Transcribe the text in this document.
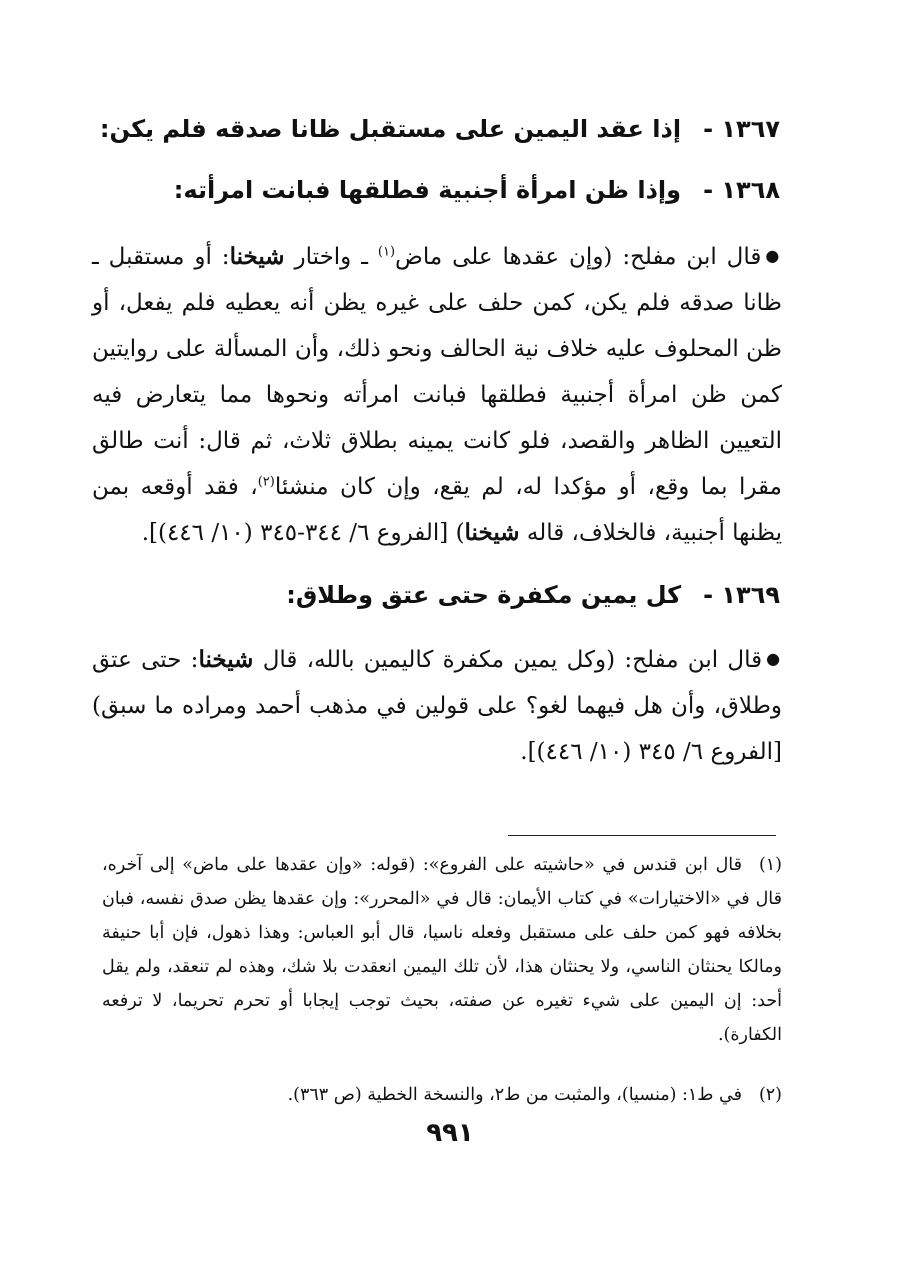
١٣٦٧ -إذا عقد اليمين على مستقبل ظانا صدقه فلم يكن:
١٣٦٨ -وإذا ظن امرأة أجنبية فطلقها فبانت امرأته:
●قال ابن مفلح: (وإن عقدها على ماض$^{(١)}$ ـ واختار شيخنا: أو مستقبل ـ ظانا صدقه فلم يكن، كمن حلف على غيره يظن أنه يعطيه فلم يفعل، أو ظن المحلوف عليه خلاف نية الحالف ونحو ذلك، وأن المسألة على روايتين كمن ظن امرأة أجنبية فطلقها فبانت امرأته ونحوها مما يتعارض فيه التعيين الظاهر والقصد، فلو كانت يمينه بطلاق ثلاث، ثم قال: أنت طالق مقرا بما وقع، أو مؤكدا له، لم يقع، وإن كان منشئا$^{(٢)}$، فقد أوقعه بمن يظنها أجنبية، فالخلاف، قاله شيخنا) [الفروع ٦/ ٣٤٤-٣٤٥ (١٠/ ٤٤٦)].
١٣٦٩ -كل يمين مكفرة حتى عتق وطلاق:
●قال ابن مفلح: (وكل يمين مكفرة كاليمين بالله، قال شيخنا: حتى عتق وطلاق، وأن هل فيهما لغو؟ على قولين في مذهب أحمد ومراده ما سبق) [الفروع ٦/ ٣٤٥ (١٠/ ٤٤٦)].
(١)قال ابن قندس في «حاشيته على الفروع»: (قوله: «وإن عقدها على ماض» إلى آخره، قال في «الاختيارات» في كتاب الأيمان: قال في «المحرر»: وإن عقدها يظن صدق نفسه، فبان بخلافه فهو كمن حلف على مستقبل وفعله ناسيا، قال أبو العباس: وهذا ذهول، فإن أبا حنيفة ومالكا يحنثان الناسي، ولا يحنثان هذا، لأن تلك اليمين انعقدت بلا شك، وهذه لم تنعقد، ولم يقل أحد: إن اليمين على شيء تغيره عن صفته، بحيث توجب إيجابا أو تحرم تحريما، لا ترفعه الكفارة).
(٢)في ط١: (منسيا)، والمثبت من ط٢، والنسخة الخطية (ص ٣٦٣).
٩٩١
